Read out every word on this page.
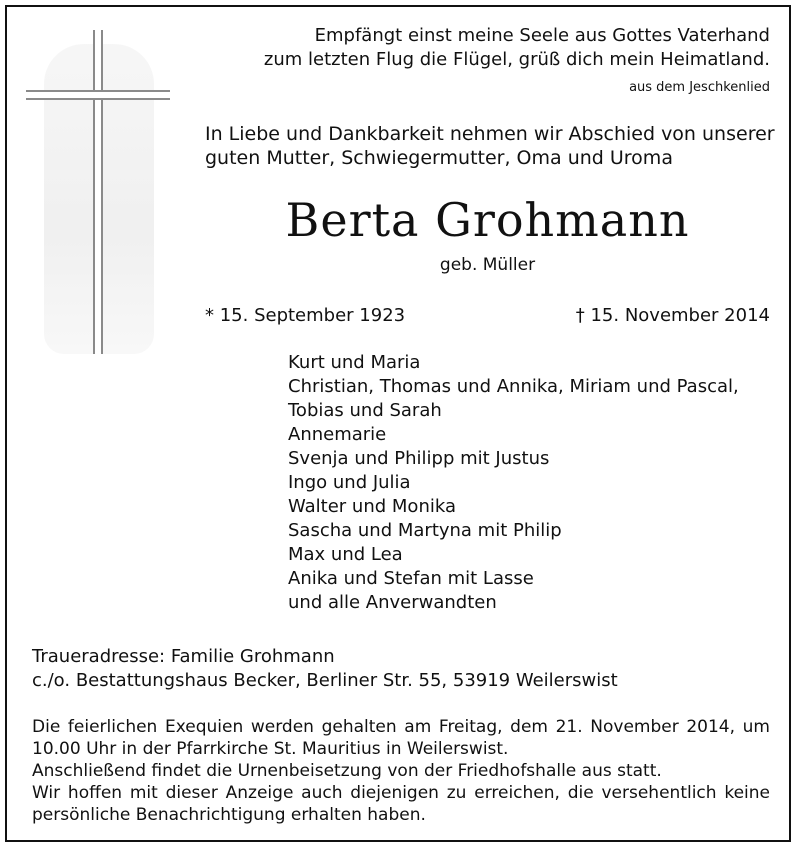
Empfängt einst meine Seele aus Gottes Vaterhand
zum letzten Flug die Flügel, grüß dich mein Heimatland.
aus dem Jeschkenlied
In Liebe und Dankbarkeit nehmen wir Abschied von unserer
guten Mutter, Schwiegermutter, Oma und Uroma
Berta Grohmann
geb. Müller
* 15. September 1923	† 15. November 2014
Kurt und Maria
Christian, Thomas und Annika, Miriam und Pascal,
Tobias und Sarah
Annemarie
Svenja und Philipp mit Justus
Ingo und Julia
Walter und Monika
Sascha und Martyna mit Philip
Max und Lea
Anika und Stefan mit Lasse
und alle Anverwandten
Traueradresse: Familie Grohmann
c./o. Bestattungshaus Becker, Berliner Str. 55, 53919 Weilerswist
Die feierlichen Exequien werden gehalten am Freitag, dem 21. November 2014, um
10.00 Uhr in der Pfarrkirche St. Mauritius in Weilerswist.
Anschließend findet die Urnenbeisetzung von der Friedhofshalle aus statt.
Wir hoffen mit dieser Anzeige auch diejenigen zu erreichen, die versehentlich keine
persönliche Benachrichtigung erhalten haben.
